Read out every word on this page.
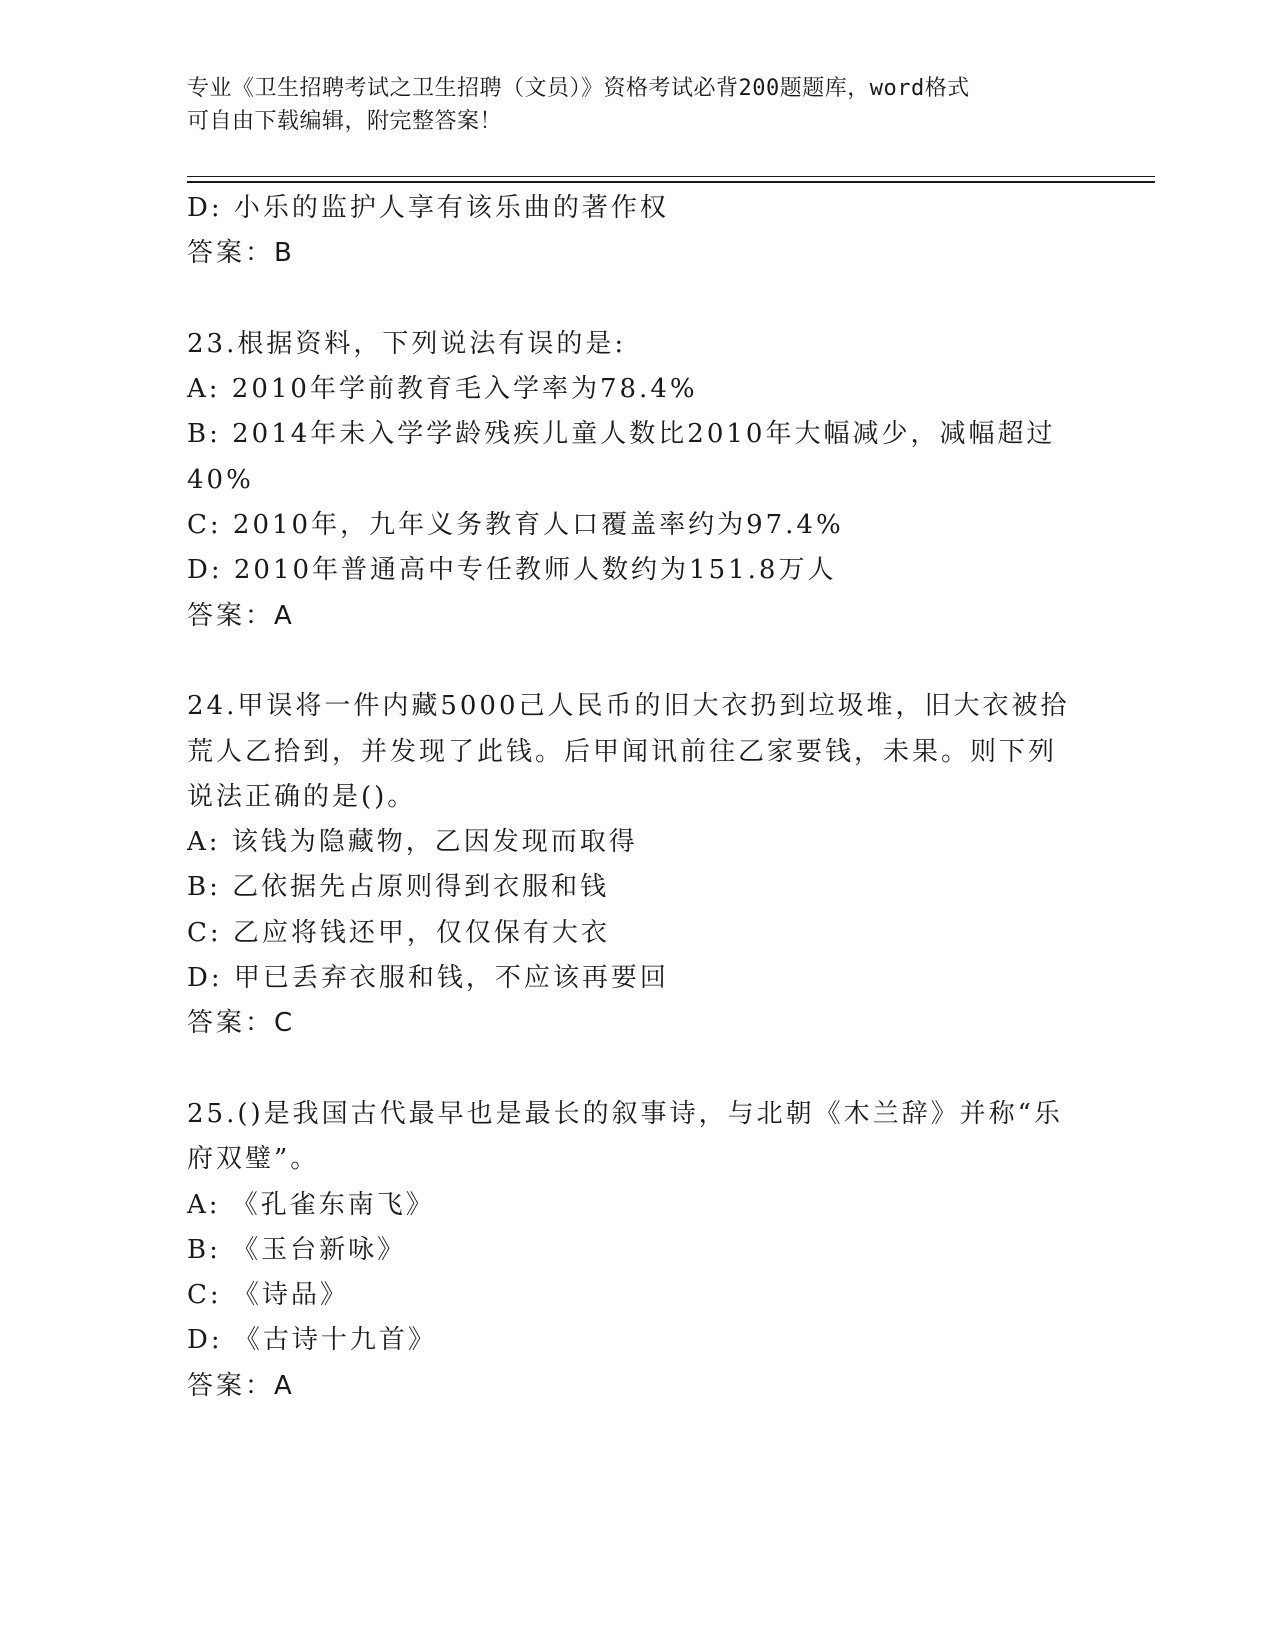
专业《卫生招聘考试之卫生招聘（文员）》资格考试必背200题题库，word格式
可自由下载编辑，附完整答案！
D: 小乐的监护人享有该乐曲的著作权
答案：B
23.根据资料，下列说法有误的是:
A: 2010年学前教育毛入学率为78.4%
B: 2014年未入学学龄残疾儿童人数比2010年大幅减少，减幅超过
40%
C: 2010年，九年义务教育人口覆盖率约为97.4%
D: 2010年普通高中专任教师人数约为151.8万人
答案：A
24.甲误将一件内藏5000己人民币的旧大衣扔到垃圾堆，旧大衣被拾
荒人乙拾到，并发现了此钱。后甲闻讯前往乙家要钱，未果。则下列
说法正确的是()。
A: 该钱为隐藏物，乙因发现而取得
B: 乙依据先占原则得到衣服和钱
C: 乙应将钱还甲，仅仅保有大衣
D: 甲已丢弃衣服和钱，不应该再要回
答案：C
25.()是我国古代最早也是最长的叙事诗，与北朝《木兰辞》并称“乐
府双璧”。
A: 《孔雀东南飞》
B: 《玉台新咏》
C: 《诗品》
D: 《古诗十九首》
答案：A
